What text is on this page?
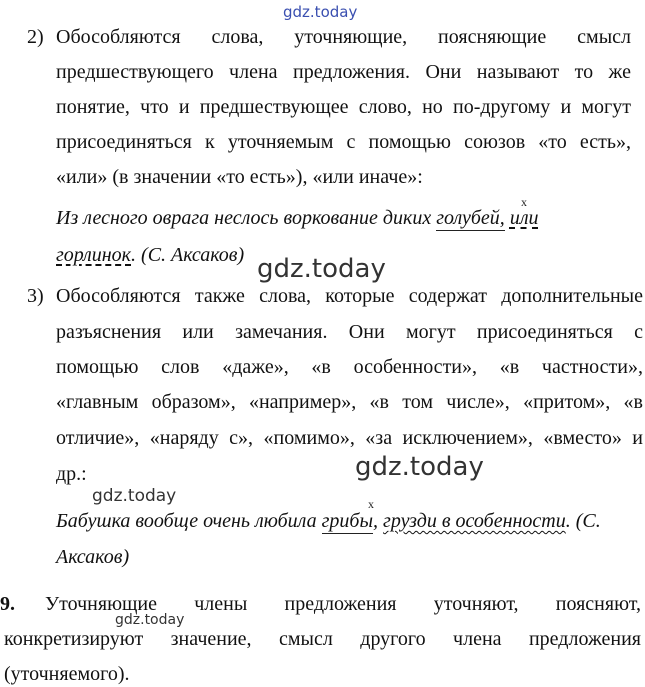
gdz.today
2) Обособляются слова, уточняющие, поясняющие смысл
предшествующего члена предложения. Они называют то же
понятие, что и предшествующее слово, но по-другому и могут
присоединяться к уточняемым с помощью союзов «то есть»,
«или» (в значении «то есть»), «или иначе»:
x
Из лесного оврага неслось воркование диких голубей, или
горлинок. (С. Аксаков) gdz.today
3) Обособляются также слова, которые содержат дополнительные
разъяснения или замечания. Они могут присоединяться с
помощью слов «даже», «в особенности», «в частности»,
«главным образом», «например», «в том числе», «притом», «в
отличие», «наряду с», «помимо», «за исключением», «вместо» и
др.:	gdz.today
gdz.today	x
Бабушка вообще очень любила грибы, грузди в особенности. (С.
Аксаков)
9. Уточняющие члены предложения уточняют, поясняют,
конкретизируют значение, смысл другого члена предложения
(уточняемого).
gdz.today
